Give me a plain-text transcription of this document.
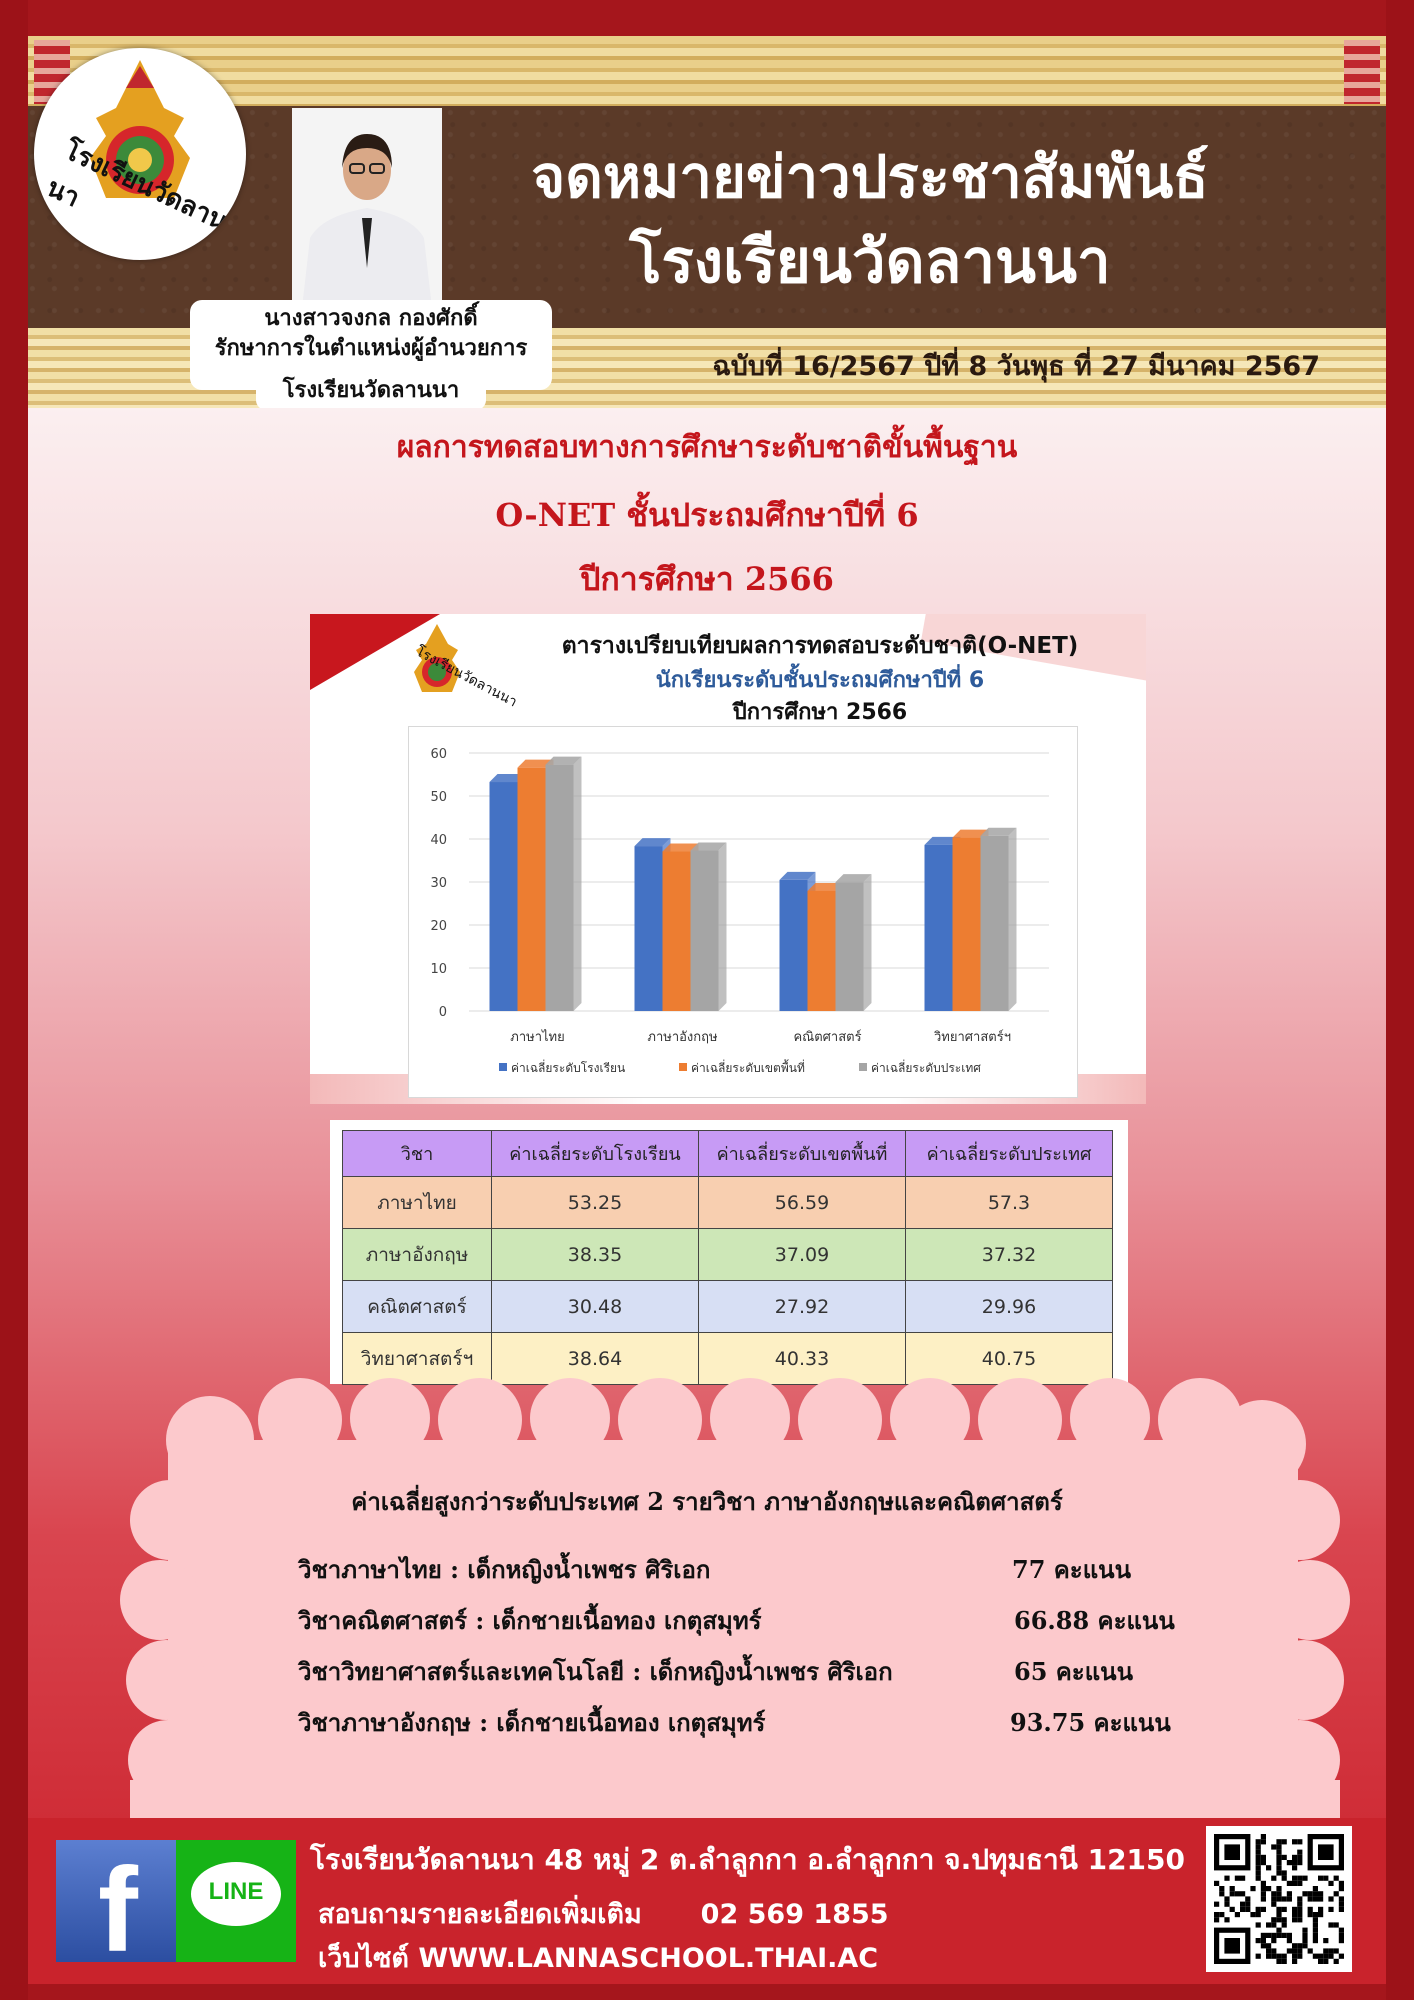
จดหมายข่าวประชาสัมพันธ์
โรงเรียนวัดลานนา
ฉบับที่ 16/2567 ปีที่ 8 วันพุธ ที่ 27 มีนาคม 2567
โรงเรียนวัดลานนา
นางสาวจงกล กองศักดิ์
รักษาการในตำแหน่งผู้อำนวยการ
โรงเรียนวัดลานนา
ผลการทดสอบทางการศึกษาระดับชาติขั้นพื้นฐาน
O-NET ชั้นประถมศึกษาปีที่ 6
ปีการศึกษา 2566
โรงเรียนวัดลานนา	ตารางเปรียบเทียบผลการทดสอบระดับชาติ(O-NET)
นักเรียนระดับชั้นประถมศึกษาปีที่ 6
ปีการศึกษา 2566
0
10
20
30
40
50
60
ภาษาไทย	ภาษาอังกฤษ	คณิตศาสตร์	วิทยาศาสตร์ฯ
ค่าเฉลี่ยระดับโรงเรียน	ค่าเฉลี่ยระดับเขตพื้นที่	ค่าเฉลี่ยระดับประเทศ
วิชา	ค่าเฉลี่ยระดับโรงเรียน	ค่าเฉลี่ยระดับเขตพื้นที่	ค่าเฉลี่ยระดับประเทศ
ภาษาไทย	53.25	56.59	57.3
ภาษาอังกฤษ	38.35	37.09	37.32
คณิตศาสตร์	30.48	27.92	29.96
วิทยาศาสตร์ฯ	38.64	40.33	40.75
ค่าเฉลี่ยสูงกว่าระดับประเทศ 2 รายวิชา ภาษาอังกฤษและคณิตศาสตร์
วิชาภาษาไทย : เด็กหญิงน้ำเพชร ศิริเอก	77 คะแนน
วิชาคณิตศาสตร์ : เด็กชายเนื้อทอง เกตุสมุทร์	66.88 คะแนน
วิชาวิทยาศาสตร์และเทคโนโลยี : เด็กหญิงน้ำเพชร ศิริเอก	65 คะแนน
วิชาภาษาอังกฤษ : เด็กชายเนื้อทอง เกตุสมุทร์	93.75 คะแนน
f	LINE
โรงเรียนวัดลานนา 48 หมู่ 2 ต.ลำลูกกา อ.ลำลูกกา จ.ปทุมธานี 12150
สอบถามรายละเอียดเพิ่มเติม 02 569 1855
เว็บไซต์ WWW.LANNASCHOOL.THAI.AC
